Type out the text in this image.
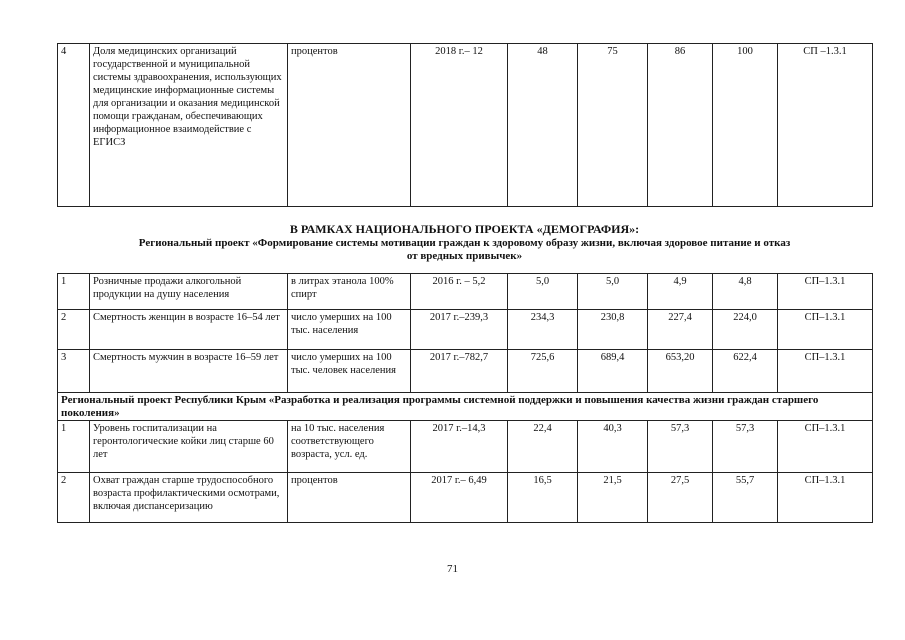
4	Доля медицинских организаций государственной и муниципальной системы здравоохранения, использующих медицинские информационные системы для организации и оказания медицинской помощи гражданам, обеспечивающих информационное взаимодействие с ЕГИСЗ	процентов	2018 г.– 12	48	75	86	100	СП –1.3.1
В РАМКАХ НАЦИОНАЛЬНОГО ПРОЕКТА «ДЕМОГРАФИЯ»:
Региональный проект «Формирование системы мотивации граждан к здоровому образу жизни, включая здоровое питание и отказ
от вредных привычек»
1	Розничные продажи алкогольной продукции на душу населения	в литрах этанола 100% спирт	2016 г. – 5,2	5,0	5,0	4,9	4,8	СП–1.3.1
2	Смертность женщин в возрасте 16–54 лет	число умерших на 100 тыс. населения	2017 г.–239,3	234,3	230,8	227,4	224,0	СП–1.3.1
3	Смертность мужчин в возрасте 16–59 лет	число умерших на 100 тыс. человек населения	2017 г.–782,7	725,6	689,4	653,20	622,4	СП–1.3.1
Региональный проект Республики Крым «Разработка и реализация программы системной поддержки и повышения качества жизни граждан старшего поколения»								
1	Уровень госпитализации на геронтологические койки лиц старше 60 лет	на 10 тыс. населения соответствующего возраста, усл. ед.	2017 г.–14,3	22,4	40,3	57,3	57,3	СП–1.3.1
2	Охват граждан старше трудоспособного возраста профилактическими осмотрами, включая диспансеризацию	процентов	2017 г.– 6,49	16,5	21,5	27,5	55,7	СП–1.3.1
71
